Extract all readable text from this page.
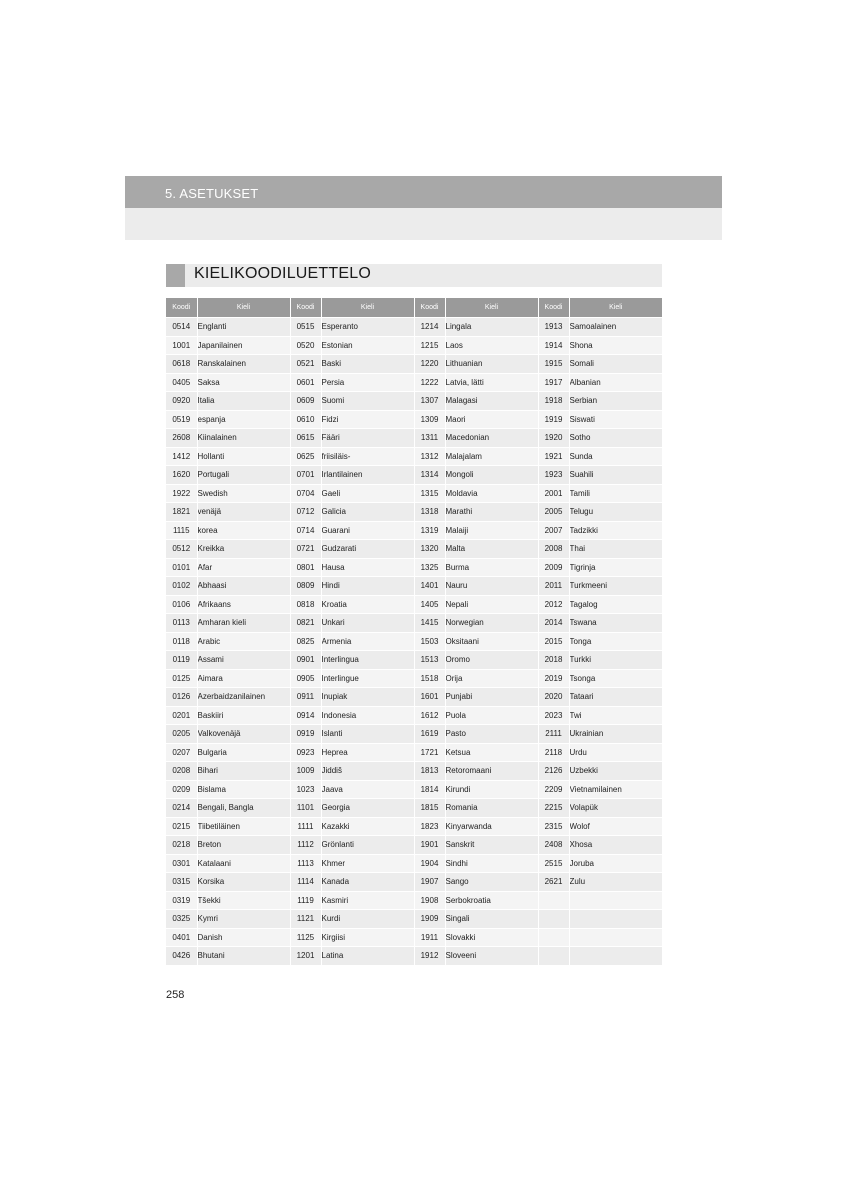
5. ASETUKSET
KIELIKOODILUETTELO
Koodi	Kieli	Koodi	Kieli	Koodi	Kieli	Koodi	Kieli
0514	Englanti	0515	Esperanto	1214	Lingala	1913	Samoalainen
1001	Japanilainen	0520	Estonian	1215	Laos	1914	Shona
0618	Ranskalainen	0521	Baski	1220	Lithuanian	1915	Somali
0405	Saksa	0601	Persia	1222	Latvia, lätti	1917	Albanian
0920	Italia	0609	Suomi	1307	Malagasi	1918	Serbian
0519	espanja	0610	Fidzi	1309	Maori	1919	Siswati
2608	Kiinalainen	0615	Fääri	1311	Macedonian	1920	Sotho
1412	Hollanti	0625	friisiläis-	1312	Malajalam	1921	Sunda
1620	Portugali	0701	Irlantilainen	1314	Mongoli	1923	Suahili
1922	Swedish	0704	Gaeli	1315	Moldavia	2001	Tamili
1821	venäjä	0712	Galicia	1318	Marathi	2005	Telugu
1115	korea	0714	Guarani	1319	Malaiji	2007	Tadzikki
0512	Kreikka	0721	Gudzarati	1320	Malta	2008	Thai
0101	Afar	0801	Hausa	1325	Burma	2009	Tigrinja
0102	Abhaasi	0809	Hindi	1401	Nauru	2011	Turkmeeni
0106	Afrikaans	0818	Kroatia	1405	Nepali	2012	Tagalog
0113	Amharan kieli	0821	Unkari	1415	Norwegian	2014	Tswana
0118	Arabic	0825	Armenia	1503	Oksitaani	2015	Tonga
0119	Assami	0901	Interlingua	1513	Oromo	2018	Turkki
0125	Aimara	0905	Interlingue	1518	Orija	2019	Tsonga
0126	Azerbaidzanilainen	0911	Inupiak	1601	Punjabi	2020	Tataari
0201	Baskiiri	0914	Indonesia	1612	Puola	2023	Twi
0205	Valkovenäjä	0919	Islanti	1619	Pasto	2111	Ukrainian
0207	Bulgaria	0923	Heprea	1721	Ketsua	2118	Urdu
0208	Bihari	1009	Jiddiš	1813	Retoromaani	2126	Uzbekki
0209	Bislama	1023	Jaava	1814	Kirundi	2209	Vietnamilainen
0214	Bengali, Bangla	1101	Georgia	1815	Romania	2215	Volapük
0215	Tiibetiläinen	1111	Kazakki	1823	Kinyarwanda	2315	Wolof
0218	Breton	1112	Grönlanti	1901	Sanskrit	2408	Xhosa
0301	Katalaani	1113	Khmer	1904	Sindhi	2515	Joruba
0315	Korsika	1114	Kanada	1907	Sango	2621	Zulu
0319	Tšekki	1119	Kasmiri	1908	Serbokroatia		
0325	Kymri	1121	Kurdi	1909	Singali		
0401	Danish	1125	Kirgiisi	1911	Slovakki		
0426	Bhutani	1201	Latina	1912	Sloveeni		
258
